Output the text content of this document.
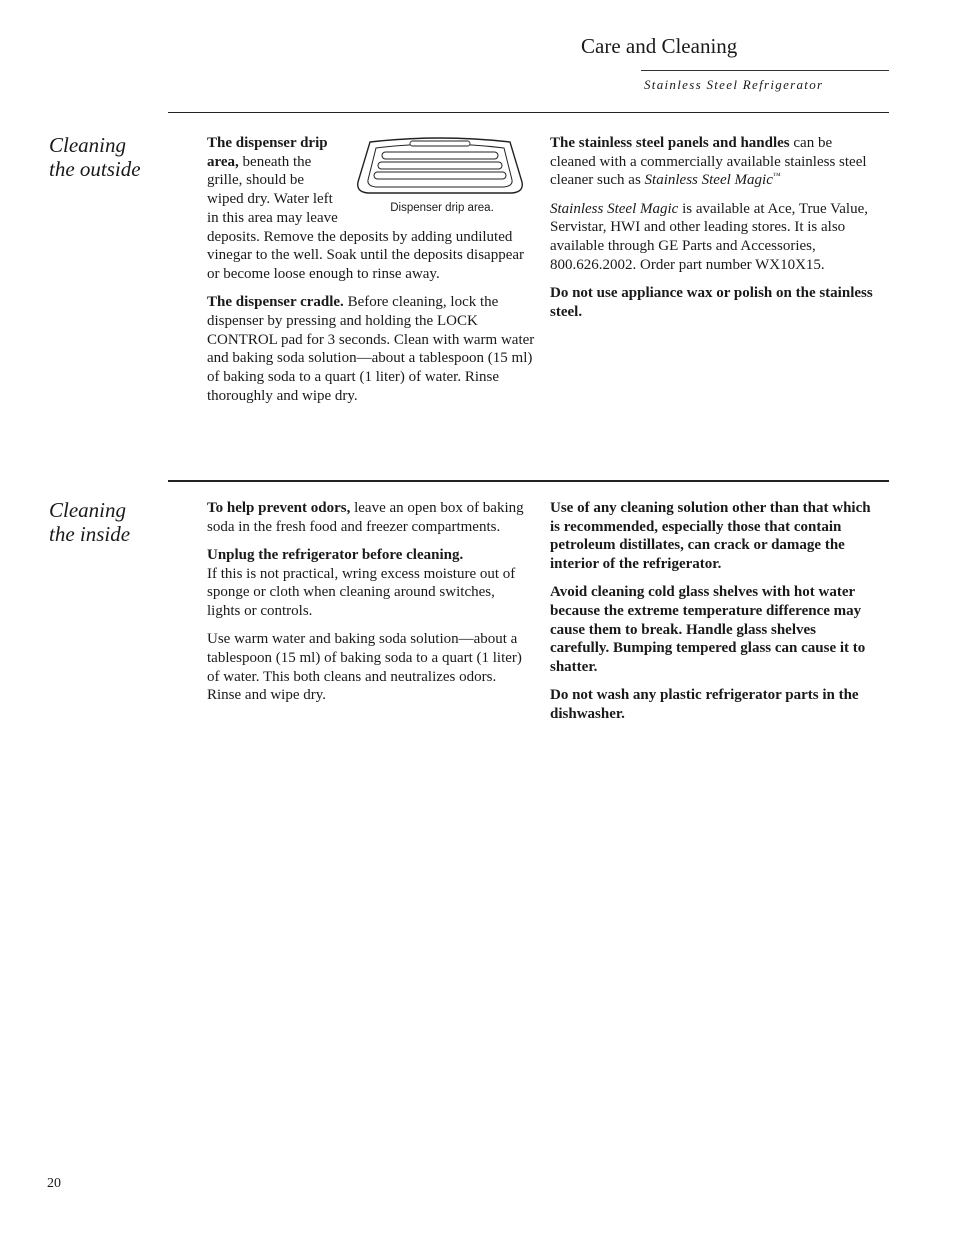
Care and Cleaning
Stainless Steel Refrigerator
Cleaning
the outside
Dispenser drip area.

The dispenser drip area, beneath the grille, should be wiped dry. Water left in this area may leave deposits. Remove the deposits by adding undiluted vinegar to the well. Soak until the deposits disappear or become loose enough to rinse away.

The dispenser cradle. Before cleaning, lock the dispenser by pressing and holding the LOCK CONTROL pad for 3 seconds. Clean with warm water and baking soda solution—about a tablespoon (15 ml) of baking soda to a quart (1 liter) of water. Rinse thoroughly and wipe dry.

The stainless steel panels and handles can be cleaned with a commercially available stainless steel cleaner such as Stainless Steel Magic™

Stainless Steel Magic is available at Ace, True Value, Servistar, HWI and other leading stores. It is also available through GE Parts and Accessories, 800.626.2002. Order part number WX10X15.

Do not use appliance wax or polish on the stainless steel.

Cleaning
the inside

To help prevent odors, leave an open box of baking soda in the fresh food and freezer compartments.

Unplug the refrigerator before cleaning.
If this is not practical, wring excess moisture out of sponge or cloth when cleaning around switches, lights or controls.

Use warm water and baking soda solution—about a tablespoon (15 ml) of baking soda to a quart (1 liter) of water. This both cleans and neutralizes odors. Rinse and wipe dry.

Use of any cleaning solution other than that which is recommended, especially those that contain petroleum distillates, can crack or damage the interior of the refrigerator.

Avoid cleaning cold glass shelves with hot water because the extreme temperature difference may cause them to break. Handle glass shelves carefully. Bumping tempered glass can cause it to shatter.

Do not wash any plastic refrigerator parts in the dishwasher.

20
